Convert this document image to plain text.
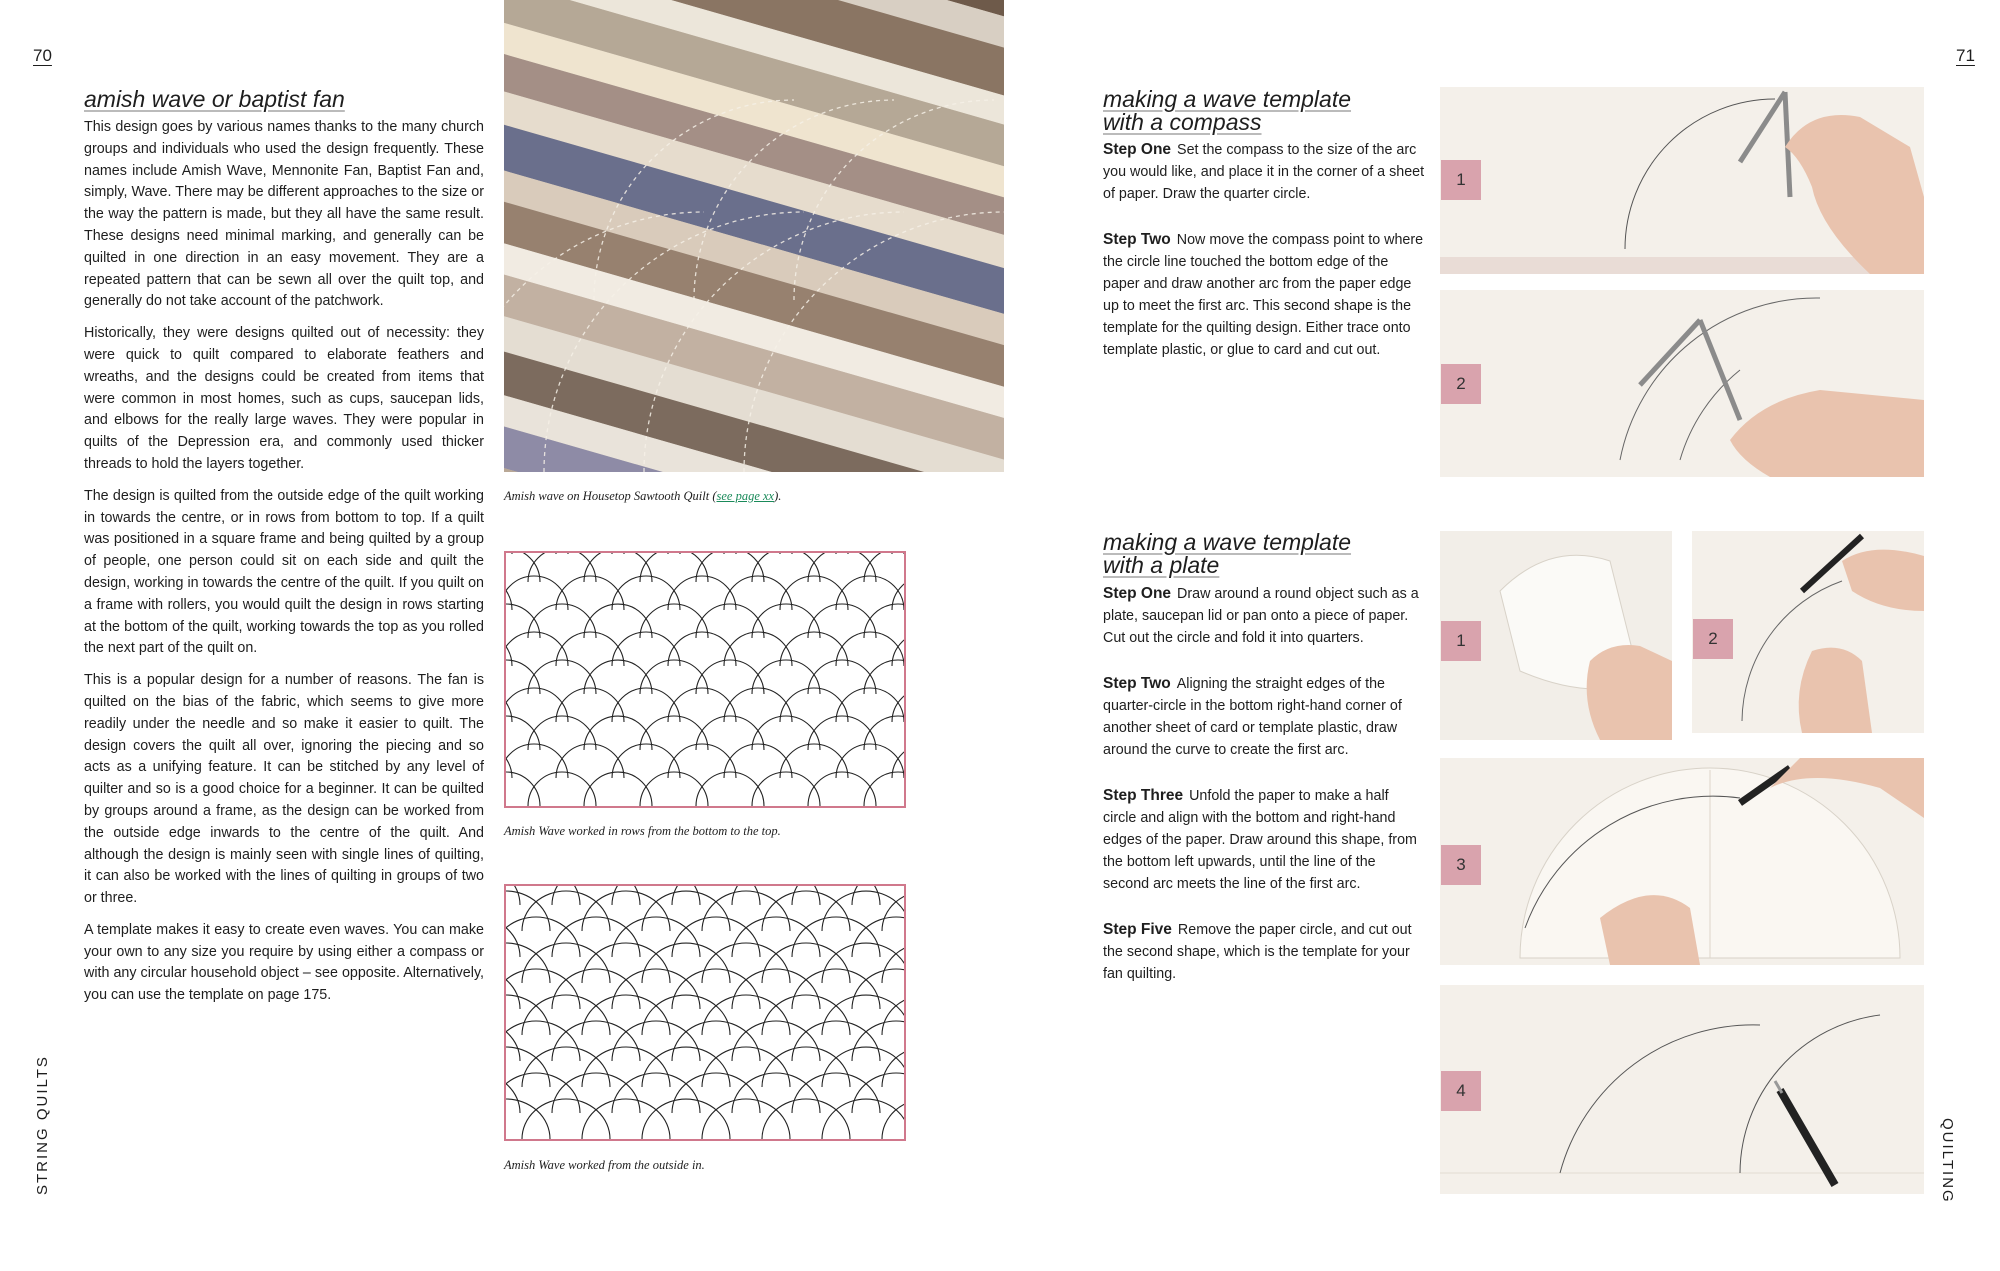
70
STRING QUILTS
amish wave or baptist fan

This design goes by various names thanks to the many church groups and individuals who used the design frequently. These names include Amish Wave, Mennonite Fan, Baptist Fan and, simply, Wave. There may be different approaches to the size or the way the pattern is made, but they all have the same result. These designs need minimal marking, and generally can be quilted in one direction in an easy movement. They are a repeated pattern that can be sewn all over the quilt top, and generally do not take account of the patchwork.

Historically, they were designs quilted out of necessity: they were quick to quilt compared to elaborate feathers and wreaths, and the designs could be created from items that were common in most homes, such as cups, saucepan lids, and elbows for the really large waves. They were popular in quilts of the Depression era, and commonly used thicker threads to hold the layers together.

The design is quilted from the outside edge of the quilt working in towards the centre, or in rows from bottom to top. If a quilt was positioned in a square frame and being quilted by a group of people, one person could sit on each side and quilt the design, working in towards the centre of the quilt. If you quilt on a frame with rollers, you would quilt the design in rows starting at the bottom of the quilt, working towards the top as you rolled the next part of the quilt on.

This is a popular design for a number of reasons. The fan is quilted on the bias of the fabric, which seems to give more readily under the needle and so make it easier to quilt. The design covers the quilt all over, ignoring the piecing and so acts as a unifying feature. It can be stitched by any level of quilter and so is a good choice for a beginner. It can be quilted by groups around a frame, as the design can be worked from the outside edge inwards to the centre of the quilt. And although the design is mainly seen with single lines of quilting, it can also be worked with the lines of quilting in groups of two or three.

A template makes it easy to create even waves. You can make your own to any size you require by using either a compass or with any circular household object – see opposite. Alternatively, you can use the template on page 175.

Amish wave on Housetop Sawtooth Quilt (see page xx).
Amish Wave worked in rows from the bottom to the top.
Amish Wave worked from the outside in.
71
QUILTING
making a wave template
with a compass

Step One Set the compass to the size of the arc you would like, and place it in the corner of a sheet of paper. Draw the quarter circle.

Step Two Now move the compass point to where the circle line touched the bottom edge of the paper and draw another arc from the paper edge up to meet the first arc. This second shape is the template for the quilting design. Either trace onto template plastic, or glue to card and cut out.

1
2
making a wave template
with a plate

Step One Draw around a round object such as a plate, saucepan lid or pan onto a piece of paper. Cut out the circle and fold it into quarters.

Step Two Aligning the straight edges of the quarter-circle in the bottom right-hand corner of another sheet of card or template plastic, draw around the curve to create the first arc.

Step Three Unfold the paper to make a half circle and align with the bottom and right-hand edges of the paper. Draw around this shape, from the bottom left upwards, until the line of the second arc meets the line of the first arc.

Step Five Remove the paper circle, and cut out the second shape, which is the template for your fan quilting.

1	2
3
4
